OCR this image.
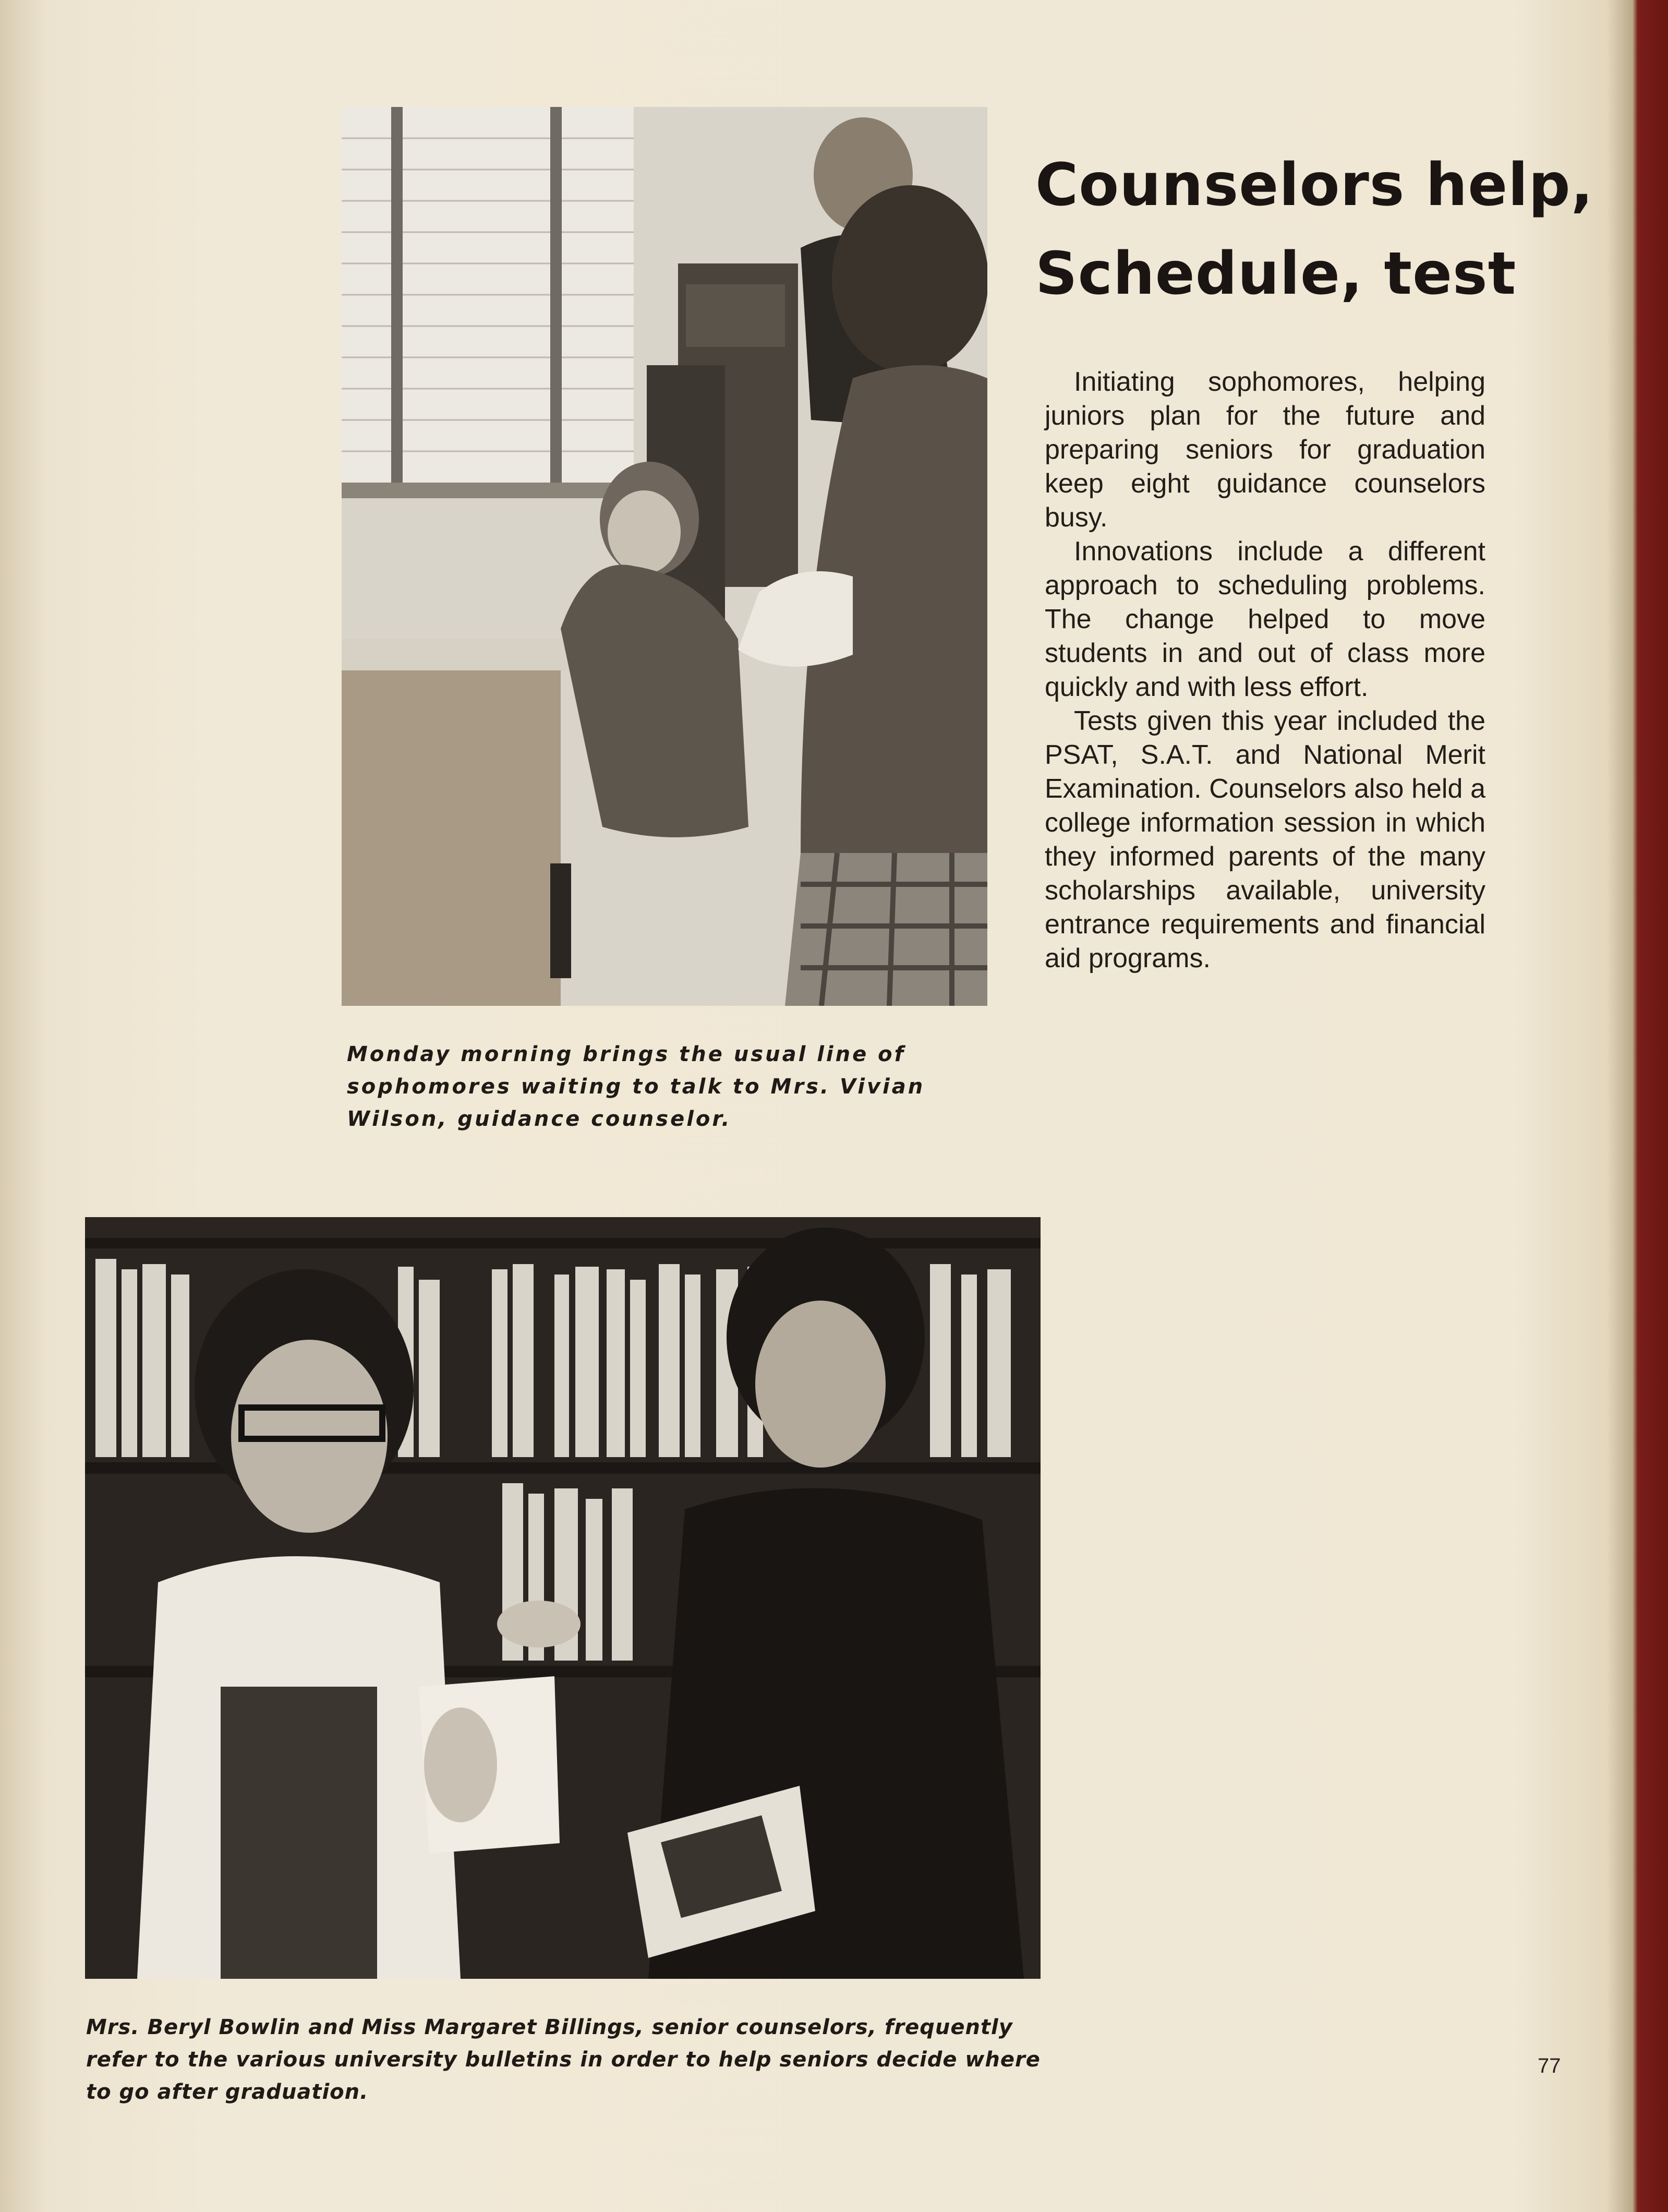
Counselors help,
Schedule, test

Initiating sophomores, helping juniors plan for the future and preparing seniors for graduation keep eight guidance counselors busy.

Innovations include a different approach to scheduling problems. The change helped to move students in and out of class more quickly and with less effort.

Tests given this year included the PSAT, S.A.T. and National Merit Examination. Counselors also held a college information session in which they informed parents of the many scholarships available, university entrance requirements and financial aid programs.

Monday morning brings the usual line of sophomores waiting to talk to Mrs. Vivian Wilson, guidance counselor.
Mrs. Beryl Bowlin and Miss Margaret Billings, senior counselors, frequently refer to the various university bulletins in order to help seniors decide where to go after graduation.
77
